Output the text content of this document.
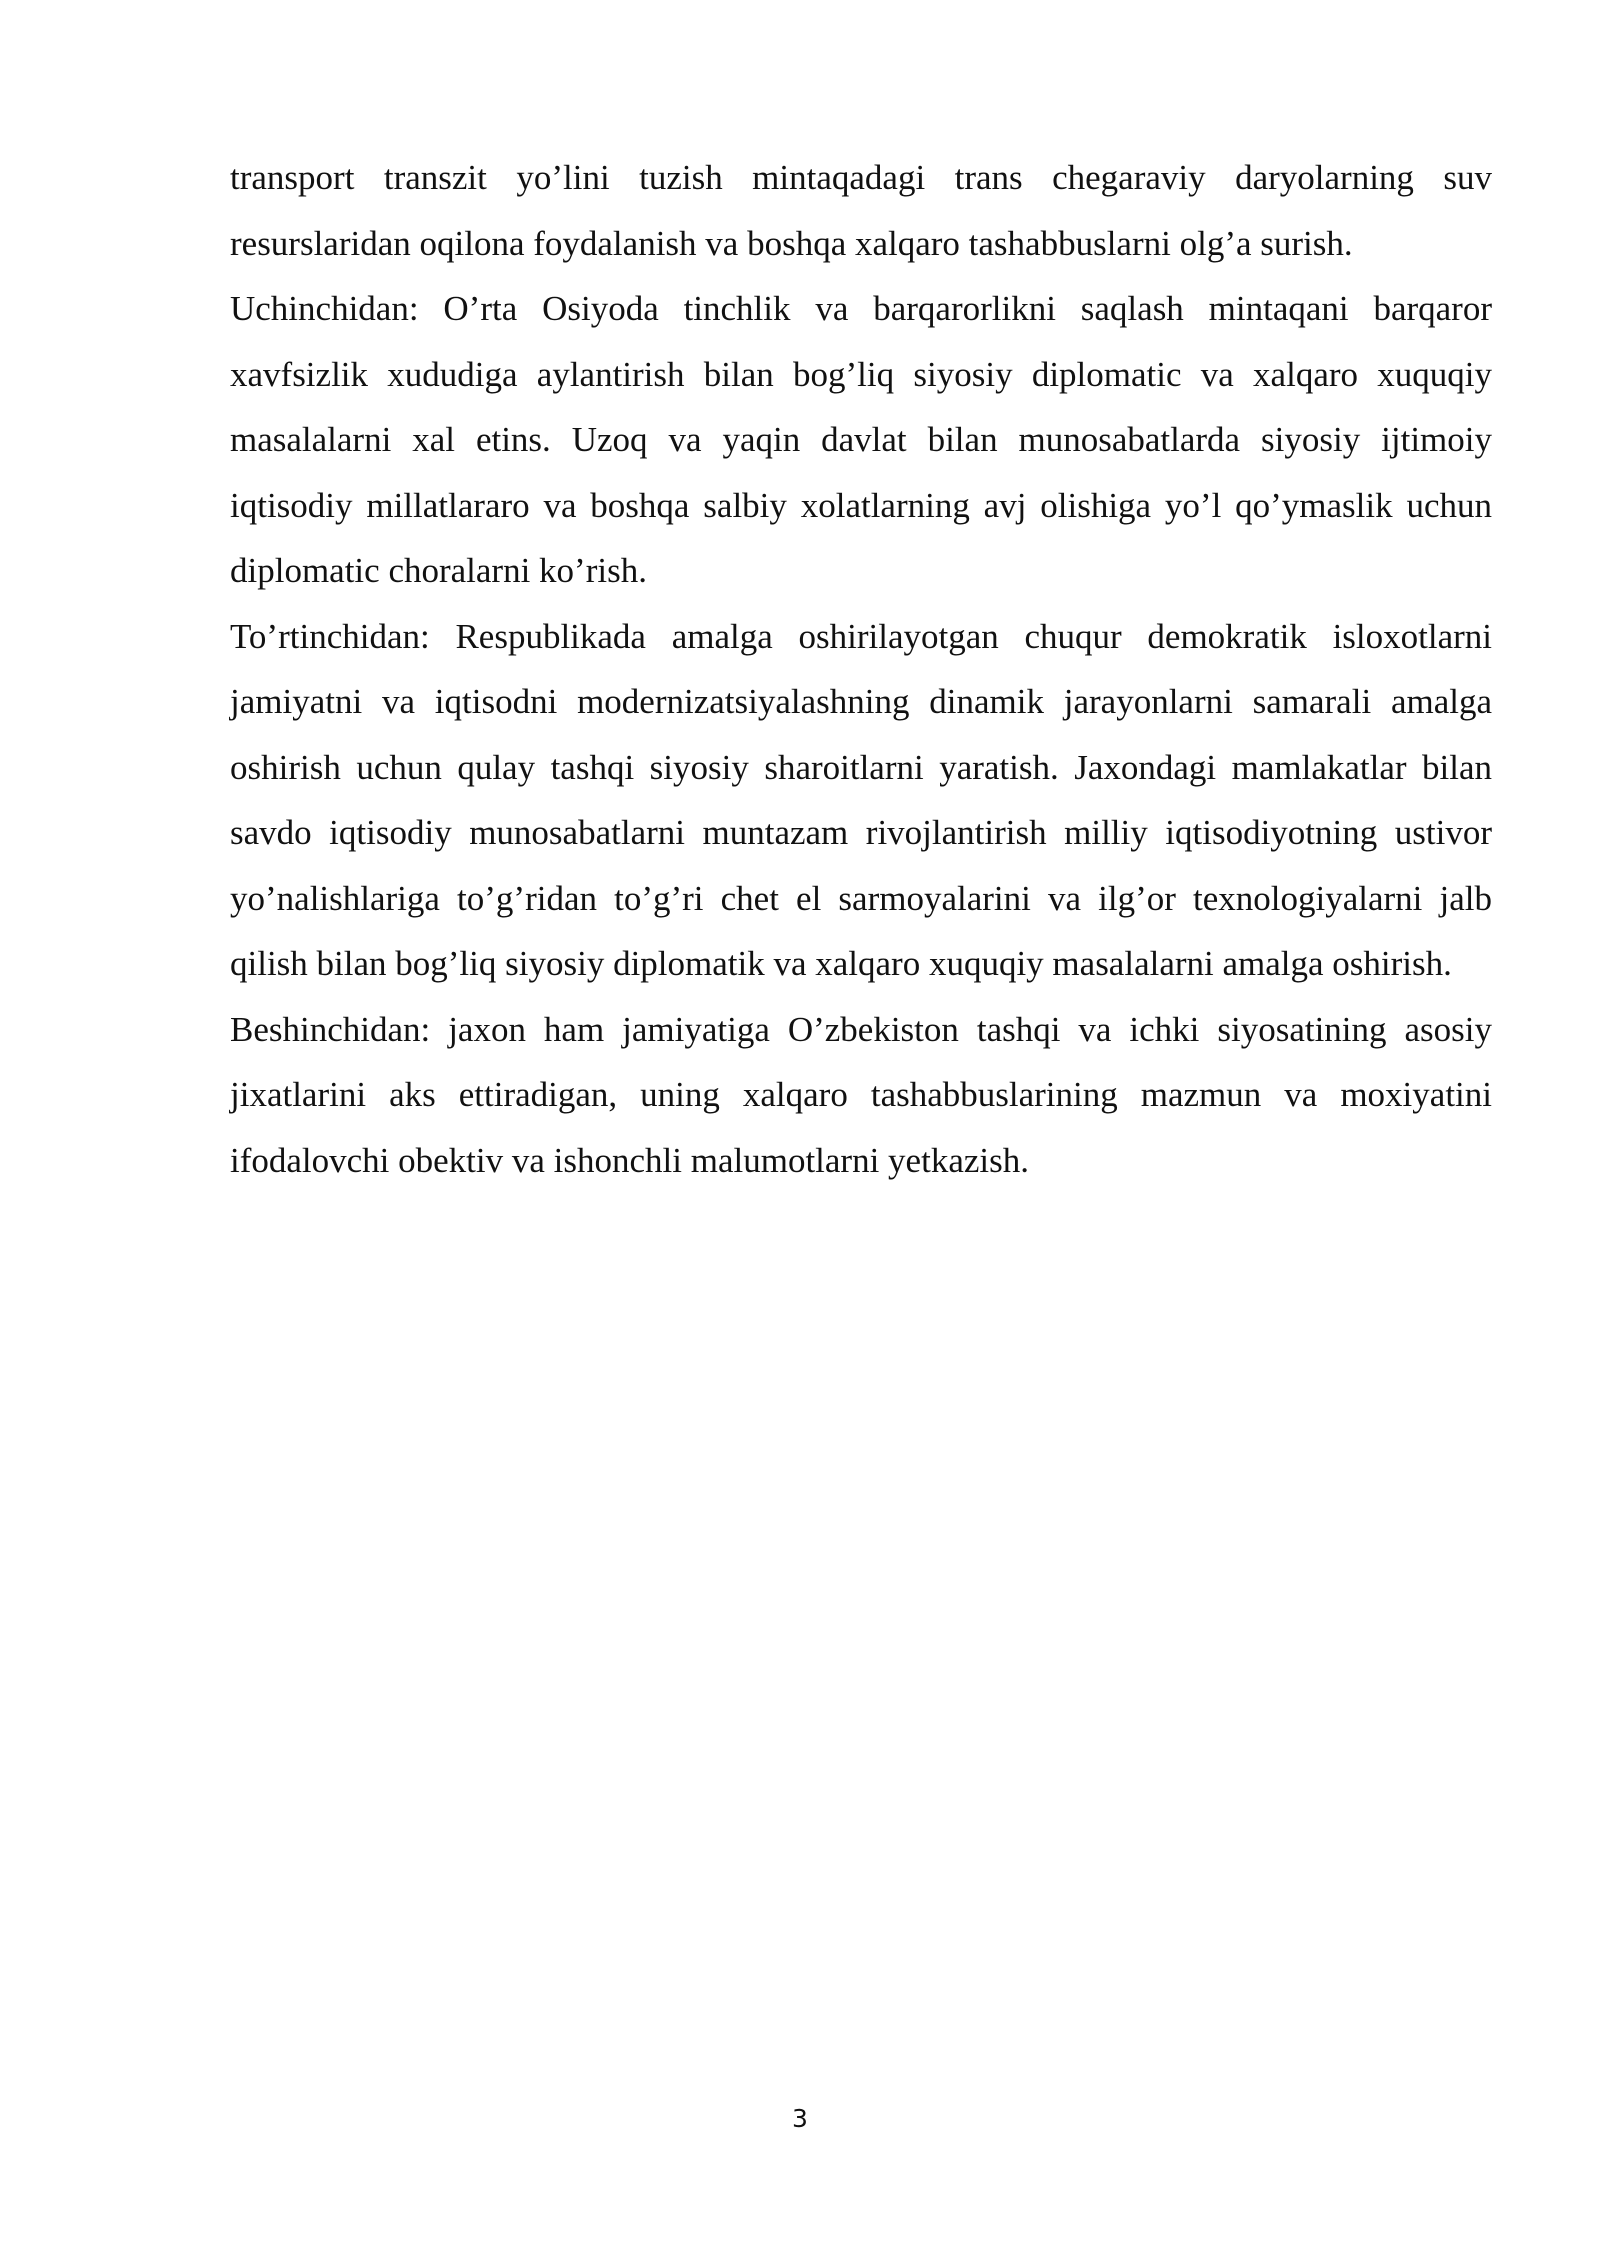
transport transzit yo’lini tuzish mintaqadagi trans chegaraviy daryolarning suv resurslaridan oqilona foydalanish va boshqa xalqaro tashabbuslarni olg’a surish.

Uchinchidan: O’rta Osiyoda tinchlik va barqarorlikni saqlash mintaqani barqaror xavfsizlik xududiga aylantirish bilan bog’liq siyosiy diplomatic va xalqaro xuquqiy masalalarni xal etins. Uzoq va yaqin davlat bilan munosabatlarda siyosiy ijtimoiy iqtisodiy millatlararo va boshqa salbiy xolatlarning avj olishiga yo’l qo’ymaslik uchun diplomatic choralarni ko’rish.

To’rtinchidan: Respublikada amalga oshirilayotgan chuqur demokratik isloxotlarni jamiyatni va iqtisodni modernizatsiyalashning dinamik jarayonlarni samarali amalga oshirish uchun qulay tashqi siyosiy sharoitlarni yaratish. Jaxondagi mamlakatlar bilan savdo iqtisodiy munosabatlarni muntazam rivojlantirish milliy iqtisodiyotning ustivor yo’nalishlariga to’g’ridan to’g’ri chet el sarmoyalarini va ilg’or texnologiyalarni jalb qilish bilan bog’liq siyosiy diplomatik va xalqaro xuquqiy masalalarni amalga oshirish.

Beshinchidan: jaxon ham jamiyatiga O’zbekiston tashqi va ichki siyosatining asosiy jixatlarini aks ettiradigan, uning xalqaro tashabbuslarining mazmun va moxiyatini ifodalovchi obektiv va ishonchli malumotlarni yetkazish.

3
